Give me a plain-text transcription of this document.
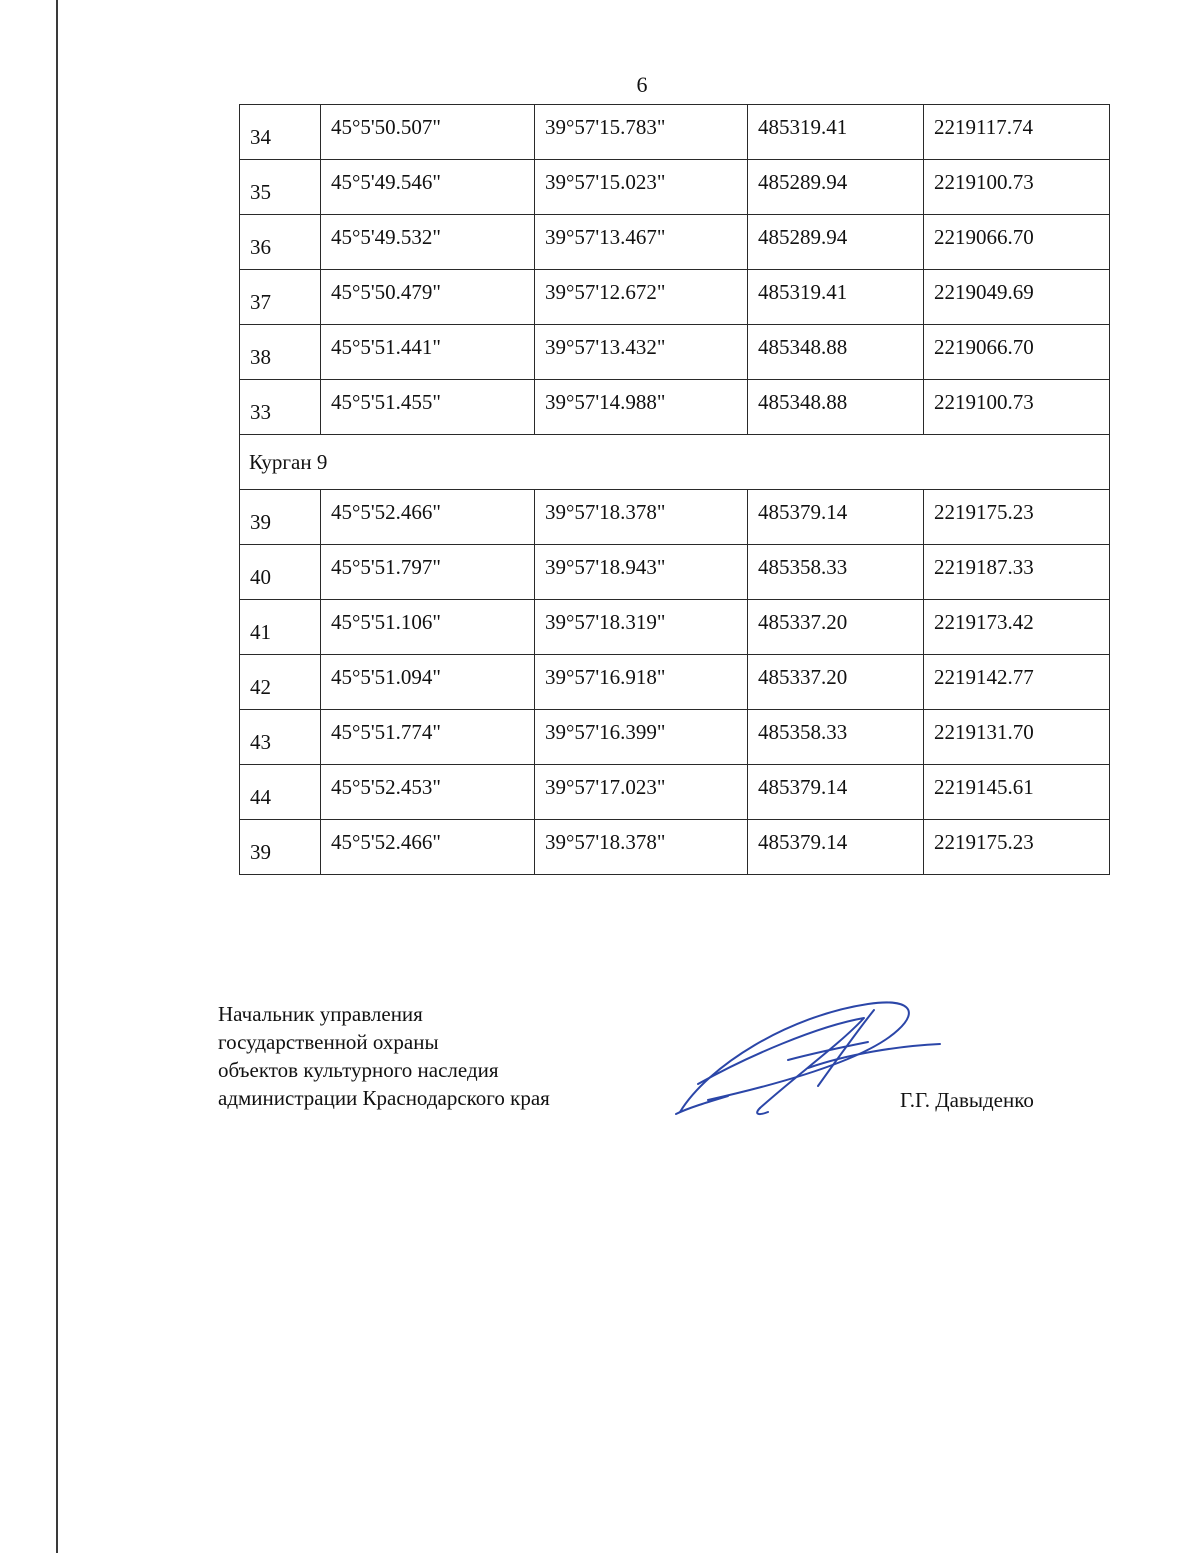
6
34	45°5'50.507"	39°57'15.783"	485319.41	2219117.74
35	45°5'49.546"	39°57'15.023"	485289.94	2219100.73
36	45°5'49.532"	39°57'13.467"	485289.94	2219066.70
37	45°5'50.479"	39°57'12.672"	485319.41	2219049.69
38	45°5'51.441"	39°57'13.432"	485348.88	2219066.70
33	45°5'51.455"	39°57'14.988"	485348.88	2219100.73
Курган 9				
39	45°5'52.466"	39°57'18.378"	485379.14	2219175.23
40	45°5'51.797"	39°57'18.943"	485358.33	2219187.33
41	45°5'51.106"	39°57'18.319"	485337.20	2219173.42
42	45°5'51.094"	39°57'16.918"	485337.20	2219142.77
43	45°5'51.774"	39°57'16.399"	485358.33	2219131.70
44	45°5'52.453"	39°57'17.023"	485379.14	2219145.61
39	45°5'52.466"	39°57'18.378"	485379.14	2219175.23
Начальник управления
государственной охраны
объектов культурного наследия
администрации Краснодарского края	Г.Г. Давыденко
